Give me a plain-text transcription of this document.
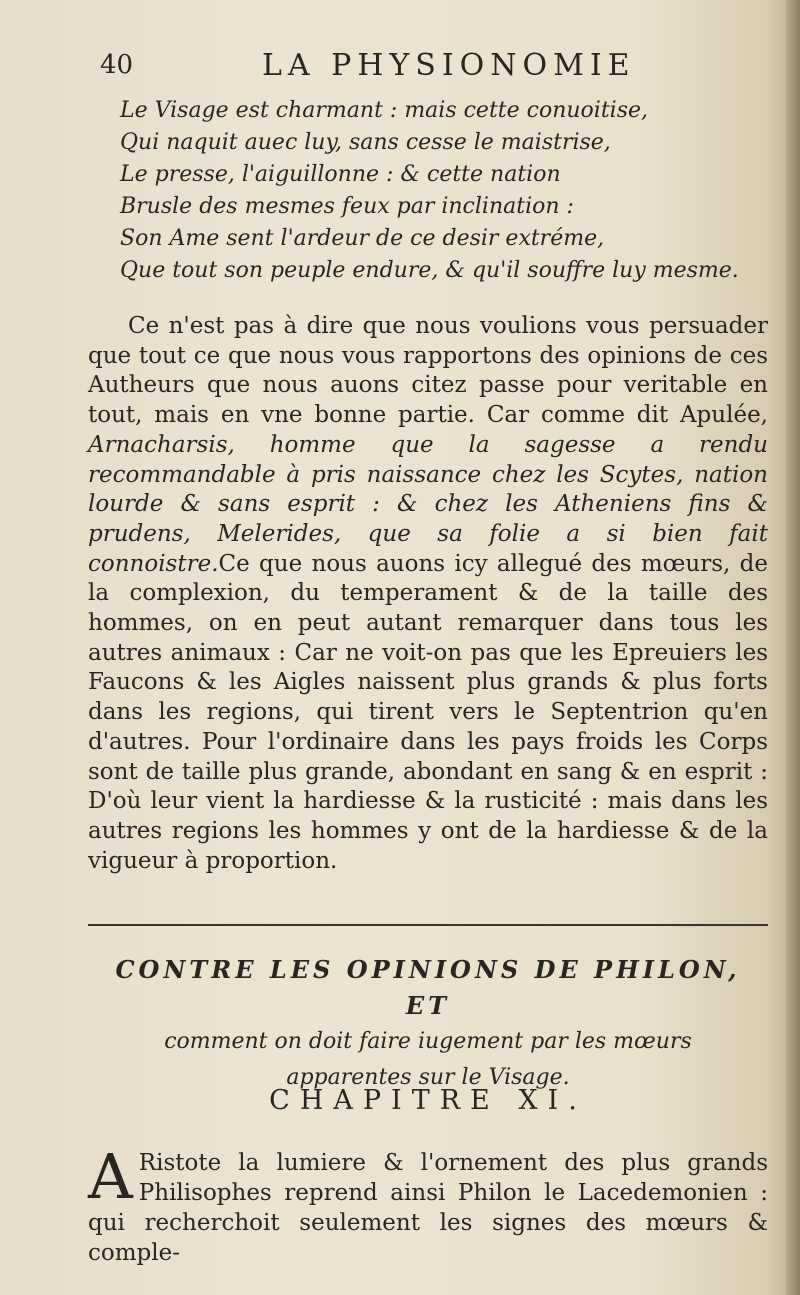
40	LA PHYSIONOMIE
Le Visage est charmant : mais cette conuoitise,
Qui naquit auec luy, sans cesse le maistrise,
Le presse, l'aiguillonne : & cette nation
Brusle des mesmes feux par inclination :
Son Ame sent l'ardeur de ce desir extréme,
Que tout son peuple endure, & qu'il souffre luy mesme.

Ce n'est pas à dire que nous voulions vous persuader que tout ce que nous vous rapportons des opinions de ces Autheurs que nous auons citez passe pour veritable en tout, mais en vne bonne partie. Car comme dit Apulée, Arnacharsis, homme que la sagesse a rendu recommandable à pris naissance chez les Scytes, nation lourde & sans esprit : & chez les Atheniens fins & prudens, Melerides, que sa folie a si bien fait connoistre.Ce que nous auons icy allegué des mœurs, de la complexion, du temperament & de la taille des hommes, on en peut autant remarquer dans tous les autres animaux : Car ne voit-on pas que les Epreuiers les Faucons & les Aigles naissent plus grands & plus forts dans les regions, qui tirent vers le Septentrion qu'en d'autres. Pour l'ordinaire dans les pays froids les Corps sont de taille plus grande, abondant en sang & en esprit : D'où leur vient la hardiesse & la rusticité : mais dans les autres regions les hommes y ont de la hardiesse & de la vigueur à proportion.

CONTRE LES OPINIONS DE PHILON, ET
comment on doit faire iugement par les mœurs
apparentes sur le Visage.
CHAPITRE XI.
A Ristote la lumiere & l'ornement des plus grands Philisophes reprend ainsi Philon le Lacedemonien : qui recherchoit seulement les signes des mœurs & comple-
